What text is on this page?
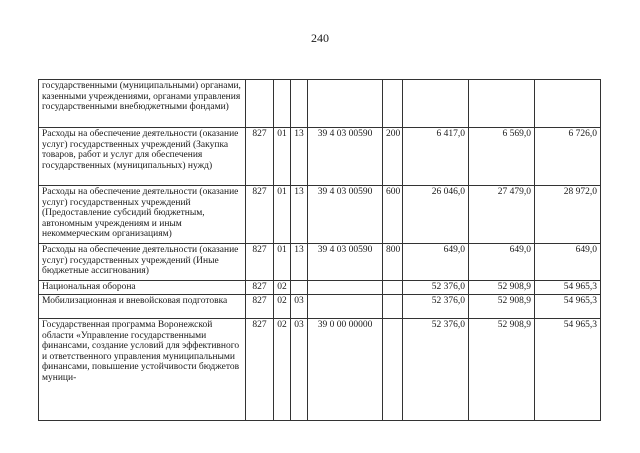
240
государственными (муниципальными) органами, казенными учреждениями, органами управления государственными внебюджетными фондами)								
Расходы на обеспечение деятельности (оказание услуг) государственных учреждений (Закупка товаров, работ и услуг для обеспечения государственных (муниципальных) нужд)	827	01	13	39 4 03 00590	200	6 417,0	6 569,0	6 726,0
Расходы на обеспечение деятельности (оказание услуг) государственных учреждений (Предоставление субсидий бюджетным, автономным учреждениям и иным некоммерческим организациям)	827	01	13	39 4 03 00590	600	26 046,0	27 479,0	28 972,0
Расходы на обеспечение деятельности (оказание услуг) государственных учреждений (Иные бюджетные ассигнования)	827	01	13	39 4 03 00590	800	649,0	649,0	649,0
Национальная оборона	827	02				52 376,0	52 908,9	54 965,3
Мобилизационная и вневойсковая подготовка	827	02	03			52 376,0	52 908,9	54 965,3
Государственная программа Воронежской области «Управление государственными финансами, создание условий для эффективного и ответственного управления муниципальными финансами, повышение устойчивости бюджетов муници-	827	02	03	39 0 00 00000		52 376,0	52 908,9	54 965,3
